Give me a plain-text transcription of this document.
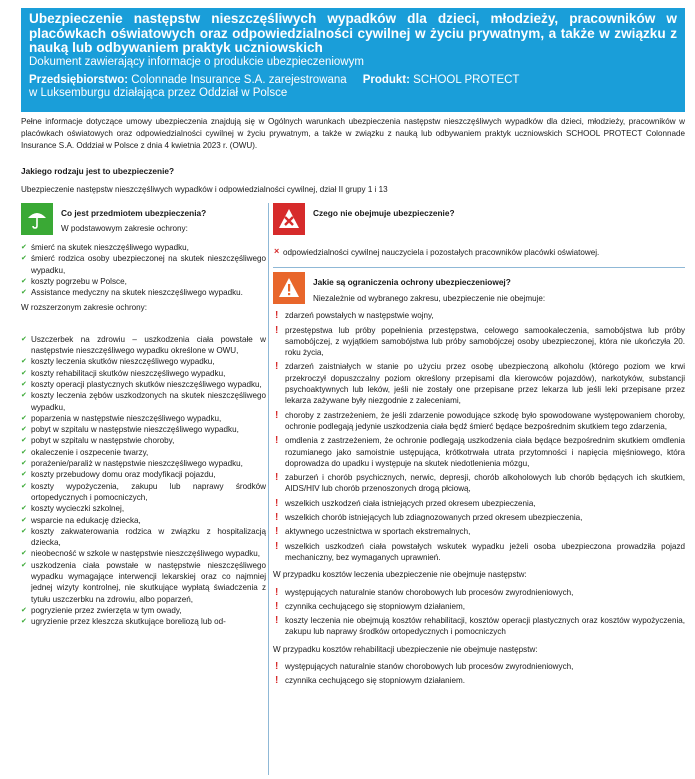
Ubezpieczenie następstw nieszczęśliwych wypadków dla dzieci, młodzieży, pracowników w placówkach oświatowych oraz odpowiedzialności cywilnej w życiu prywatnym, a także w związku z nauką lub odbywaniem praktyk uczniowskich
Dokument zawierający informacje o produkcie ubezpieczeniowym
Przedsiębiorstwo: Colonnade Insurance S.A. zarejestrowana Produkt: SCHOOL PROTECT
w Luksemburgu działająca przez Oddział w Polsce
Pełne informacje dotyczące umowy ubezpieczenia znajdują się w Ogólnych warunkach ubezpieczenia następstw nieszczęśliwych wypadków dla dzieci, młodzieży, pracowników w placówkach oświatowych oraz odpowiedzialności cywilnej w życiu prywatnym, a także w związku z nauką lub odbywaniem praktyk uczniowskich SCHOOL PROTECT Colonnade Insurance S.A. Oddział w Polsce z dnia 4 kwietnia 2023 r. (OWU).
Jakiego rodzaju jest to ubezpieczenie?
Ubezpieczenie następstw nieszczęśliwych wypadków i odpowiedzialności cywilnej, dział II grupy 1 i 13
Co jest przedmiotem ubezpieczenia?
W podstawowym zakresie ochrony:
✔ śmierć na skutek nieszczęśliwego wypadku,
✔ śmierć rodzica osoby ubezpieczonej na skutek nieszczęśliwego wypadku,
✔ koszty pogrzebu w Polsce,
✔ Assistance medyczny na skutek nieszczęśliwego wypadku.
W rozszerzonym zakresie ochrony:
✔ Uszczerbek na zdrowiu – uszkodzenia ciała powstałe w następstwie nieszczęśliwego wypadku określone w OWU,
✔ koszty leczenia skutków nieszczęśliwego wypadku,
✔ koszty rehabilitacji skutków nieszczęśliwego wypadku,
✔ koszty operacji plastycznych skutków nieszczęśliwego wypadku,
✔ koszty leczenia zębów uszkodzonych na skutek nieszczęśliwego wypadku,
✔ poparzenia w następstwie nieszczęśliwego wypadku,
✔ pobyt w szpitalu w następstwie nieszczęśliwego wypadku,
✔ pobyt w szpitalu w następstwie choroby,
✔ okaleczenie i oszpecenie twarzy,
✔ porażenie/paraliż w następstwie nieszczęśliwego wypadku,
✔ koszty przebudowy domu oraz modyfikacji pojazdu,
✔ koszty wypożyczenia, zakupu lub naprawy środków ortopedycznych i pomocniczych,
✔ koszty wycieczki szkolnej,
✔ wsparcie na edukację dziecka,
✔ koszty zakwaterowania rodzica w związku z hospitalizacją dziecka,
✔ nieobecność w szkole w następstwie nieszczęśliwego wypadku,
✔ uszkodzenia ciała powstałe w następstwie nieszczęśliwego wypadku wymagające interwencji lekarskiej oraz co najmniej jednej wizyty kontrolnej, nie skutkujące wypłatą świadczenia z tytułu uszczerbku na zdrowiu, albo poparzeń,
✔ pogryzienie przez zwierzęta w tym owady,
✔ ugryzienie przez kleszcza skutkujące boreliozą lub od-
Czego nie obejmuje ubezpieczenie?
× odpowiedzialności cywilnej nauczyciela i pozostałych pracowników placówki oświatowej.
Jakie są ograniczenia ochrony ubezpieczeniowej?
Niezależnie od wybranego zakresu, ubezpieczenie nie obejmuje:
! zdarzeń powstałych w następstwie wojny,
! przestępstwa lub próby popełnienia przestępstwa, celowego samookaleczenia, samobójstwa lub próby samobójczej, z wyjątkiem samobójstwa lub próby samobójczej osoby ubezpieczonej, która nie ukończyła 20. roku życia,
! zdarzeń zaistniałych w stanie po użyciu przez osobę ubezpieczoną alkoholu (którego poziom we krwi przekroczył dopuszczalny poziom określony przepisami dla kierowców pojazdów), narkotyków, substancji psychoaktywnych lub leków, jeśli nie zostały one przepisane przez lekarza lub jeśli leki przepisane przez lekarza zażywane były niezgodnie z zaleceniami,
! choroby z zastrzeżeniem, że jeśli zdarzenie powodujące szkodę było spowodowane występowaniem choroby, ochronie podlegają jedynie uszkodzenia ciała będź śmierć będące bezpośrednim skutkiem tego zdarzenia,
! omdlenia z zastrzeżeniem, że ochronie podlegają uszkodzenia ciała będące bezpośrednim skutkiem omdlenia rozumianego jako samoistnie ustępująca, krótkotrwała utrata przytomności i napięcia mięśniowego, która doprowadza do upadku i występuje na skutek niedotlenienia mózgu,
! zaburzeń i chorób psychicznych, nerwic, depresji, chorób alkoholowych lub chorób będących ich skutkiem, AIDS/HIV lub chorób przenoszonych drogą płciową,
! wszelkich uszkodzeń ciała istniejących przed okresem ubezpieczenia,
! wszelkich chorób istniejących lub zdiagnozowanych przed okresem ubezpieczenia,
! aktywnego uczestnictwa w sportach ekstremalnych,
! wszelkich uszkodzeń ciała powstałych wskutek wypadku jeżeli osoba ubezpieczona prowadziła pojazd mechaniczny, bez wymaganych uprawnień.
W przypadku kosztów leczenia ubezpieczenie nie obejmuje następstw:
! występujących naturalnie stanów chorobowych lub procesów zwyrodnieniowych,
! czynnika cechującego się stopniowym działaniem,
! koszty leczenia nie obejmują kosztów rehabilitacji, kosztów operacji plastycznych oraz kosztów wypożyczenia, zakupu lub naprawy środków ortopedycznych i pomocniczych
W przypadku kosztów rehabilitacji ubezpieczenie nie obejmuje następstw:
! występujących naturalnie stanów chorobowych lub procesów zwyrodnieniowych,
! czynnika cechującego się stopniowym działaniem.
